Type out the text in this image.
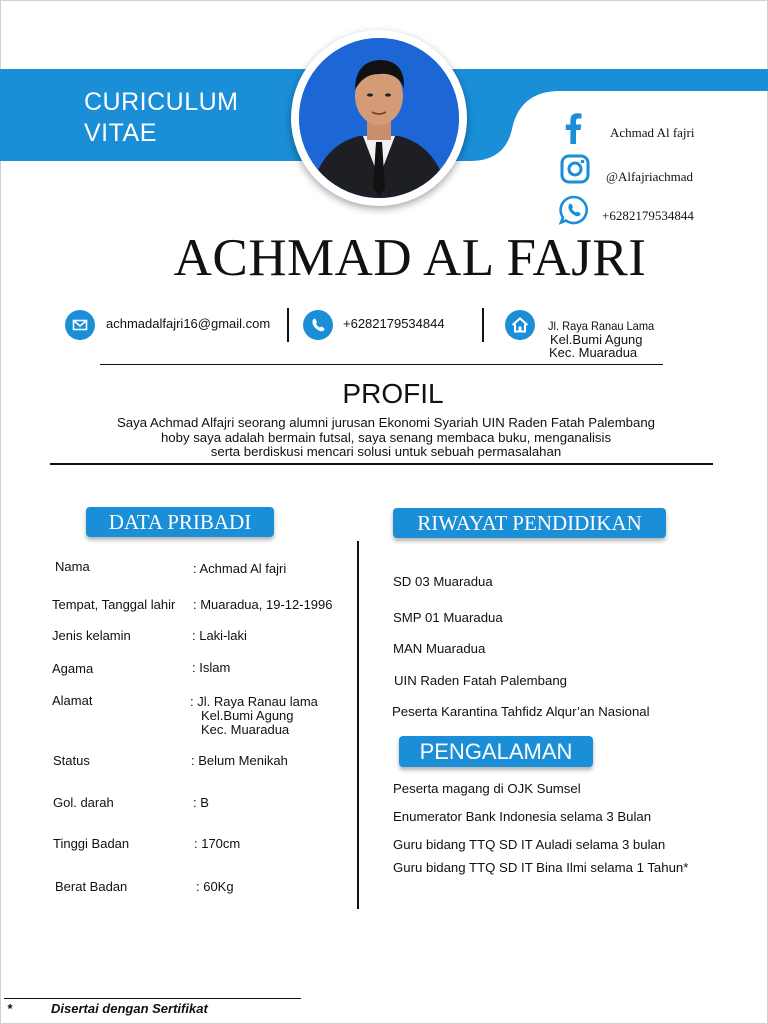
CURICULUM
VITAE	Achmad Al fajri
@Alfajriachmad
+6282179534844
ACHMAD AL FAJRI
achmadalfajri16@gmail.com	+6282179534844	Jl. Raya Ranau Lama
Kel.Bumi Agung
Kec. Muaradua
PROFIL
Saya Achmad Alfajri seorang alumni jurusan Ekonomi Syariah UIN Raden Fatah Palembang
hoby saya adalah bermain futsal, saya senang membaca buku, menganalisis
serta berdiskusi mencari solusi untuk sebuah permasalahan
DATA PRIBADI
Nama	: Achmad Al fajri
Tempat, Tanggal lahir : Muaradua, 19-12-1996
Jenis kelamin	: Laki-laki
Agama	: Islam
Alamat	: Jl. Raya Ranau lama
Kel.Bumi Agung
Kec. Muaradua
Status	: Belum Menikah
Gol. darah	: B
Tinggi Badan	: 170cm
Berat Badan	: 60Kg
RIWAYAT PENDIDIKAN
SD 03 Muaradua
SMP 01 Muaradua
MAN Muaradua
UIN Raden Fatah Palembang
Peserta Karantina Tahfidz Alqur’an Nasional
PENGALAMAN
Peserta magang di OJK Sumsel
Enumerator Bank Indonesia selama 3 Bulan
Guru bidang TTQ SD IT Auladi selama 3 bulan
Guru bidang TTQ SD IT Bina Ilmi selama 1 Tahun*
*	Disertai dengan Sertifikat
